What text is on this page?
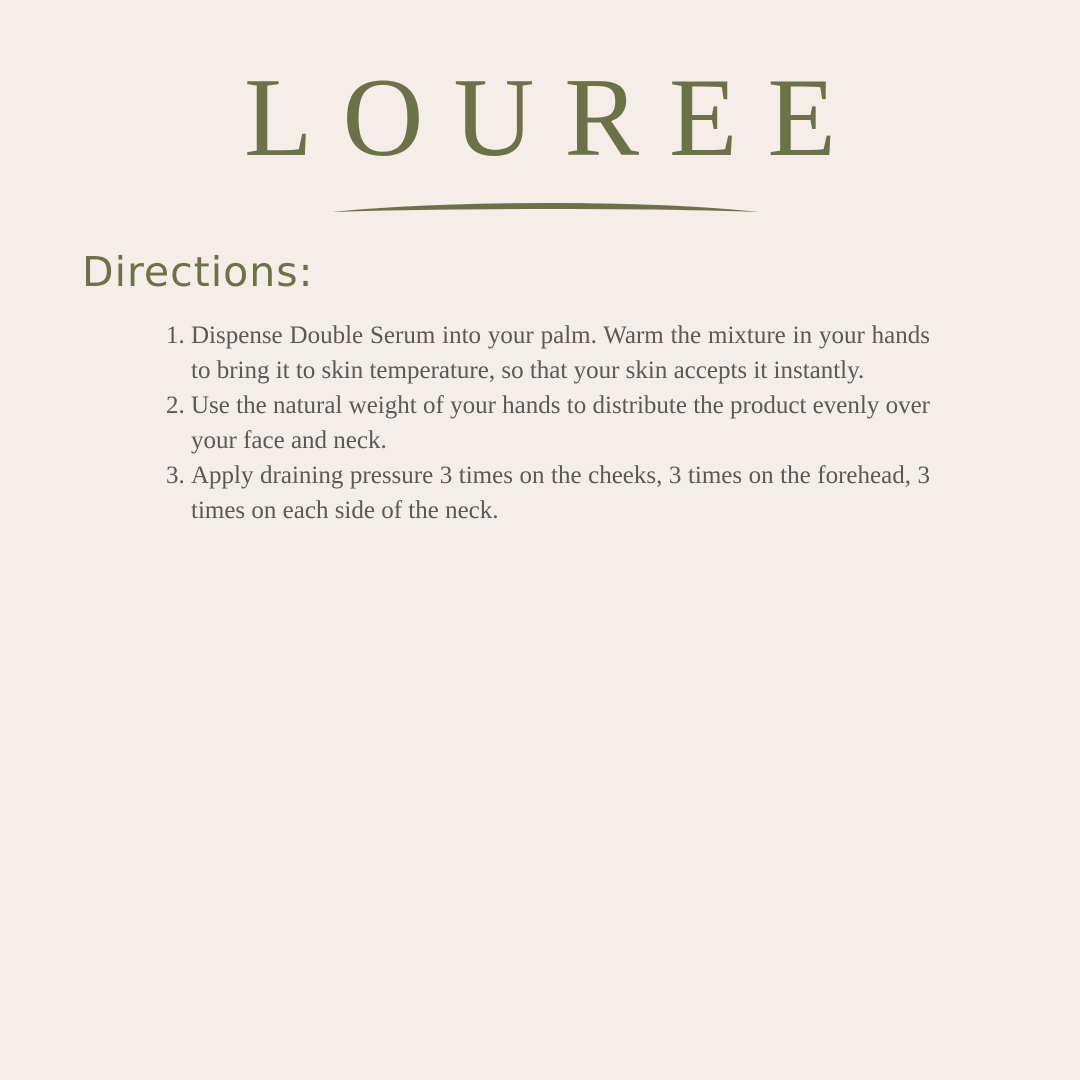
LOUREE
Directions:
1. Dispense Double Serum into your palm. Warm the mixture in your hands to bring it to skin temperature, so that your skin accepts it instantly.
2. Use the natural weight of your hands to distribute the product evenly over your face and neck.
3. Apply draining pressure 3 times on the cheeks, 3 times on the forehead, 3 times on each side of the neck.
